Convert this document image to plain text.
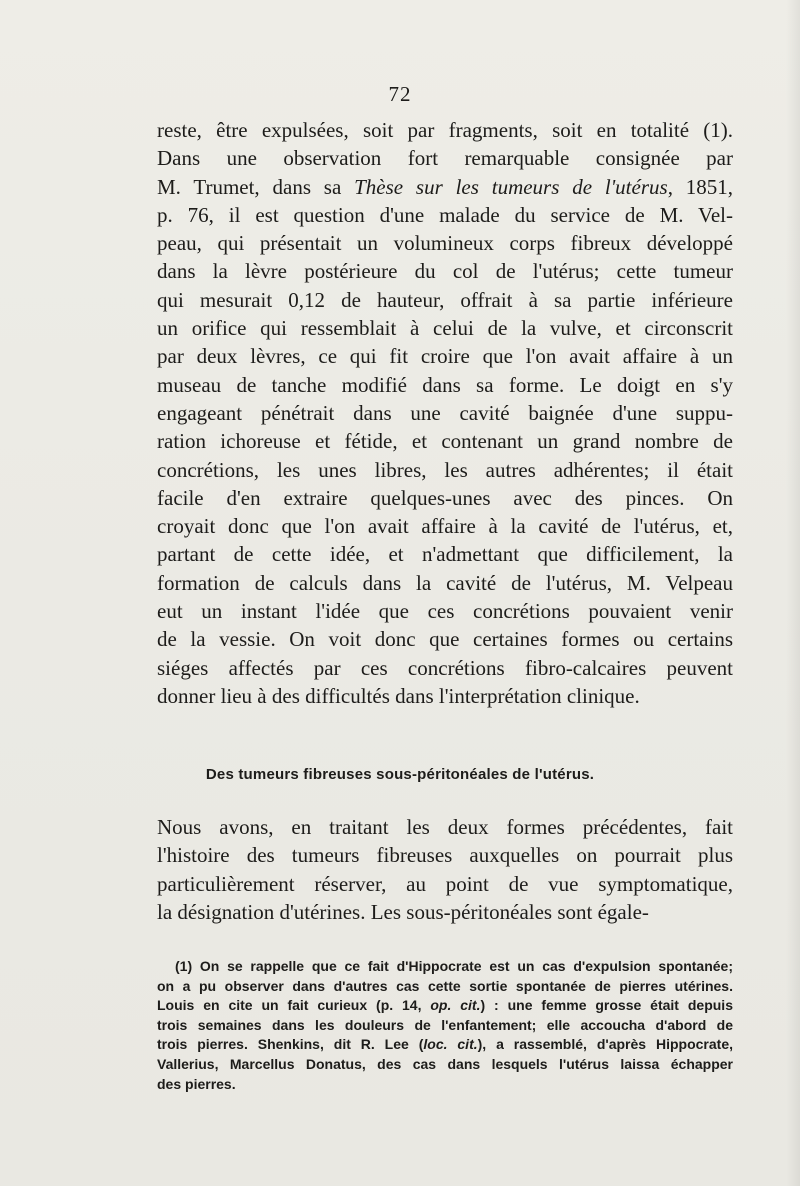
72
reste, être expulsées, soit par fragments, soit en totalité (1).
Dans une observation fort remarquable consignée par
M. Trumet, dans sa Thèse sur les tumeurs de l'utérus, 1851,
p. 76, il est question d'une malade du service de M. Vel-
peau, qui présentait un volumineux corps fibreux développé
dans la lèvre postérieure du col de l'utérus; cette tumeur
qui mesurait 0,12 de hauteur, offrait à sa partie inférieure
un orifice qui ressemblait à celui de la vulve, et circonscrit
par deux lèvres, ce qui fit croire que l'on avait affaire à un
museau de tanche modifié dans sa forme. Le doigt en s'y
engageant pénétrait dans une cavité baignée d'une suppu-
ration ichoreuse et fétide, et contenant un grand nombre de
concrétions, les unes libres, les autres adhérentes; il était
facile d'en extraire quelques-unes avec des pinces. On
croyait donc que l'on avait affaire à la cavité de l'utérus, et,
partant de cette idée, et n'admettant que difficilement, la
formation de calculs dans la cavité de l'utérus, M. Velpeau
eut un instant l'idée que ces concrétions pouvaient venir
de la vessie. On voit donc que certaines formes ou certains
siéges affectés par ces concrétions fibro-calcaires peuvent
donner lieu à des difficultés dans l'interprétation clinique.
Des tumeurs fibreuses sous-péritonéales de l'utérus.
Nous avons, en traitant les deux formes précédentes, fait
l'histoire des tumeurs fibreuses auxquelles on pourrait plus
particulièrement réserver, au point de vue symptomatique,
la désignation d'utérines. Les sous-péritonéales sont égale-
(1) On se rappelle que ce fait d'Hippocrate est un cas d'expulsion spontanée;
on a pu observer dans d'autres cas cette sortie spontanée de pierres utérines.
Louis en cite un fait curieux (p. 14, op. cit.) : une femme grosse était depuis
trois semaines dans les douleurs de l'enfantement; elle accoucha d'abord de
trois pierres. Shenkins, dit R. Lee (loc. cit.), a rassemblé, d'après Hippocrate,
Vallerius, Marcellus Donatus, des cas dans lesquels l'utérus laissa échapper
des pierres.
